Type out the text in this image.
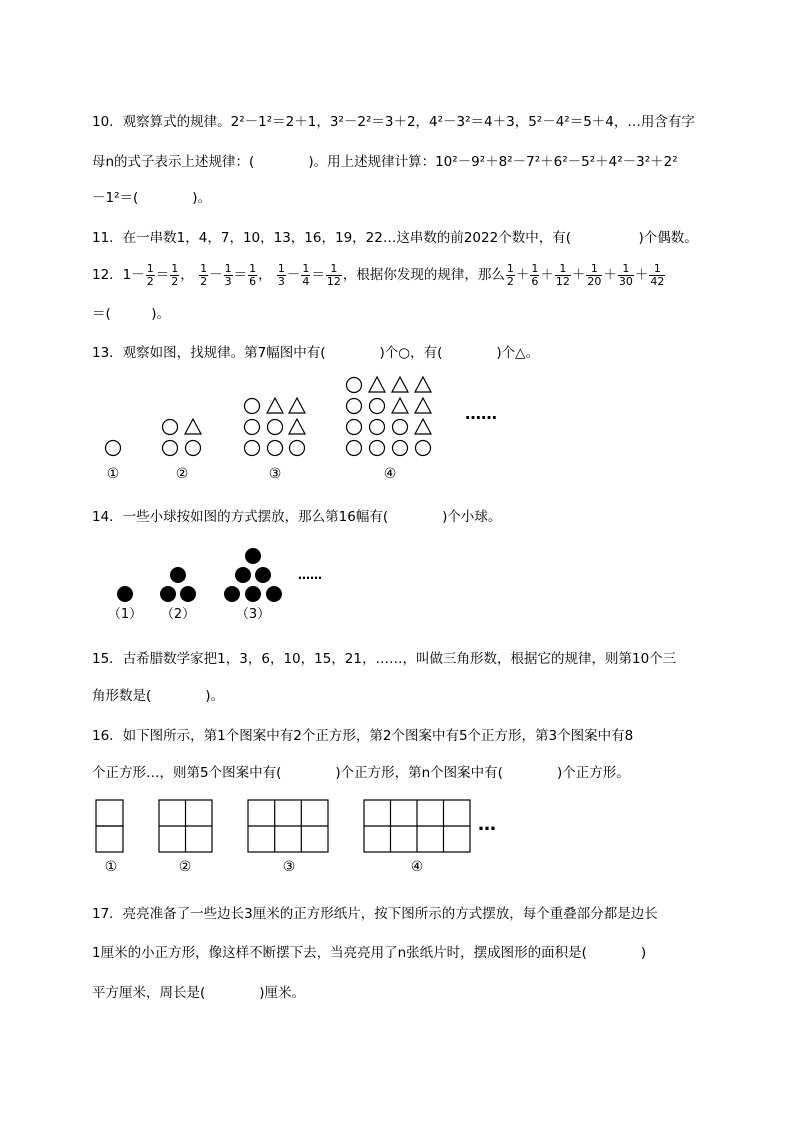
10．观察算式的规律。2²－1²＝2＋1，3²－2²＝3＋2，4²－3²＝4＋3，5²－4²＝5＋4，…用含有字
母n的式子表示上述规律：(　　　　)。用上述规律计算：10²－9²＋8²－7²＋6²－5²＋4²－3²＋2²
－1²＝(　　　　)。
11．在一串数1，4，7，10，13，16，19，22…这串数的前2022个数中，有(　　　　　)个偶数。
12．$1- \frac{1}{2} = \frac{1}{2}$ ， $\frac{1}{2} - \frac{1}{3} = \frac{1}{6}$ ， $\frac{1}{3} - \frac{1}{4} = \frac{1}{12}$ ，根据你发现的规律，那么 $\frac{1}{2} + \frac{1}{6} + \frac{1}{12} + \frac{1}{20} + \frac{1}{30} + \frac{1}{42}$
＝(　　　)。
13．观察如图，找规律。第7幅图中有(　　　　)个○，有(　　　　)个△。
①	②	③	④
……
14．一些小球按如图的方式摆放，那么第16幅有(　　　　)个小球。
（1） （2）	（3）
……
15．古希腊数学家把1，3，6，10，15，21，……，叫做三角形数，根据它的规律，则第10个三
角形数是(　　　　)。
16．如下图所示，第1个图案中有2个正方形，第2个图案中有5个正方形，第3个图案中有8
个正方形…，则第5个图案中有(　　　　)个正方形，第n个图案中有(　　　　)个正方形。
①	②	③	④
…
17．亮亮准备了一些边长3厘米的正方形纸片，按下图所示的方式摆放，每个重叠部分都是边长
1厘米的小正方形，像这样不断摆下去，当亮亮用了n张纸片时，摆成图形的面积是(　　　　)
平方厘米，周长是(　　　　)厘米。
